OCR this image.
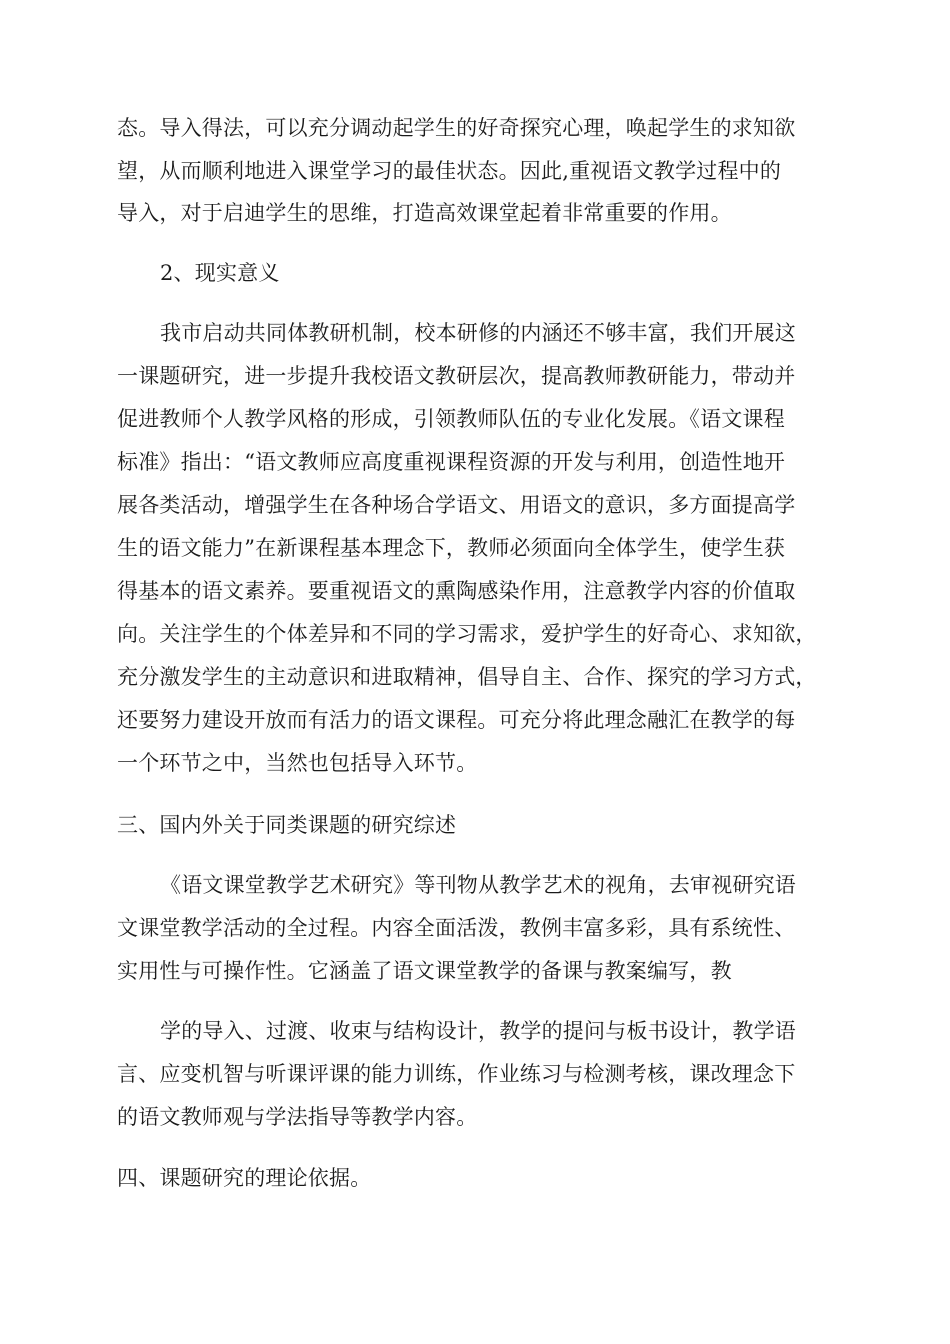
态。导入得法，可以充分调动起学生的好奇探究心理，唤起学生的求知欲
望，从而顺利地进入课堂学习的最佳状态。因此,重视语文教学过程中的
导入，对于启迪学生的思维，打造高效课堂起着非常重要的作用。
2、现实意义
我市启动共同体教研机制，校本研修的内涵还不够丰富，我们开展这
一课题研究，进一步提升我校语文教研层次，提高教师教研能力，带动并
促进教师个人教学风格的形成，引领教师队伍的专业化发展。《语文课程
标准》指出：“语文教师应高度重视课程资源的开发与利用，创造性地开
展各类活动，增强学生在各种场合学语文、用语文的意识，多方面提高学
生的语文能力”在新课程基本理念下，教师必须面向全体学生，使学生获
得基本的语文素养。要重视语文的熏陶感染作用，注意教学内容的价值取
向。关注学生的个体差异和不同的学习需求，爱护学生的好奇心、求知欲，
充分激发学生的主动意识和进取精神，倡导自主、合作、探究的学习方式，
还要努力建设开放而有活力的语文课程。可充分将此理念融汇在教学的每
一个环节之中，当然也包括导入环节。
三、国内外关于同类课题的研究综述
《语文课堂教学艺术研究》等刊物从教学艺术的视角，去审视研究语
文课堂教学活动的全过程。内容全面活泼，教例丰富多彩，具有系统性、
实用性与可操作性。它涵盖了语文课堂教学的备课与教案编写，教
学的导入、过渡、收束与结构设计，教学的提问与板书设计，教学语
言、应变机智与听课评课的能力训练，作业练习与检测考核，课改理念下
的语文教师观与学法指导等教学内容。
四、课题研究的理论依据。
